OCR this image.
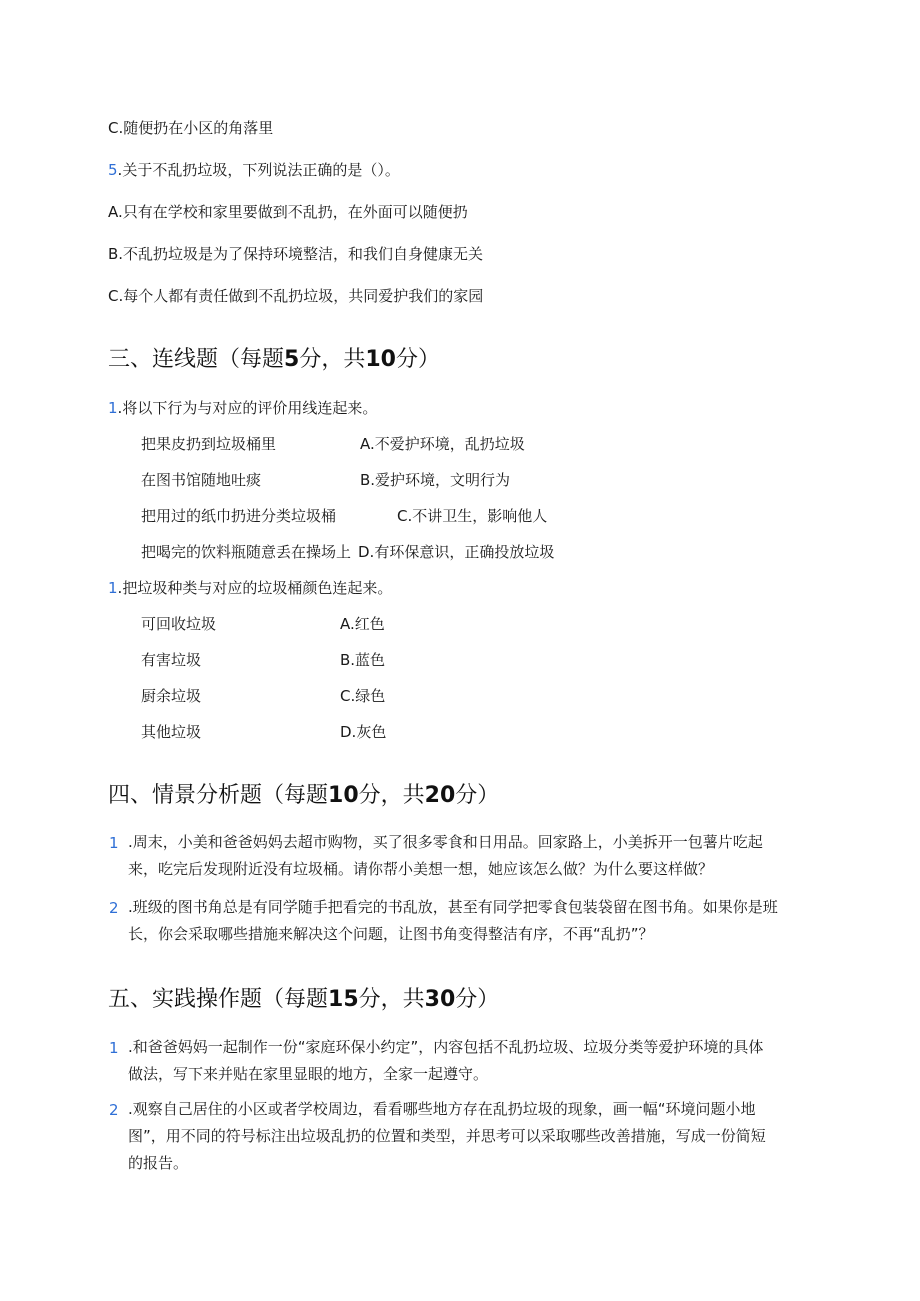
C.随便扔在小区的角落里
5.关于不乱扔垃圾，下列说法正确的是（）。
A.只有在学校和家里要做到不乱扔，在外面可以随便扔
B.不乱扔垃圾是为了保持环境整洁，和我们自身健康无关
C.每个人都有责任做到不乱扔垃圾，共同爱护我们的家园
三、连线题（每题5分，共10分）
1.将以下行为与对应的评价用线连起来。
把果皮扔到垃圾桶里	A.不爱护环境，乱扔垃圾
在图书馆随地吐痰	B.爱护环境，文明行为
把用过的纸巾扔进分类垃圾桶	C.不讲卫生，影响他人
把喝完的饮料瓶随意丢在操场上 D.有环保意识，正确投放垃圾
1.把垃圾种类与对应的垃圾桶颜色连起来。
可回收垃圾	A.红色
有害垃圾	B.蓝色
厨余垃圾	C.绿色
其他垃圾	D.灰色
四、情景分析题（每题10分，共20分）
1 .周末，小美和爸爸妈妈去超市购物，买了很多零食和日用品。回家路上，小美拆开一包薯片吃起
来，吃完后发现附近没有垃圾桶。请你帮小美想一想，她应该怎么做？为什么要这样做？
2 .班级的图书角总是有同学随手把看完的书乱放，甚至有同学把零食包装袋留在图书角。如果你是班
长，你会采取哪些措施来解决这个问题，让图书角变得整洁有序，不再“乱扔”？
五、实践操作题（每题15分，共30分）
1 .和爸爸妈妈一起制作一份“家庭环保小约定”，内容包括不乱扔垃圾、垃圾分类等爱护环境的具体
做法，写下来并贴在家里显眼的地方，全家一起遵守。
2 .观察自己居住的小区或者学校周边，看看哪些地方存在乱扔垃圾的现象，画一幅“环境问题小地
图”，用不同的符号标注出垃圾乱扔的位置和类型，并思考可以采取哪些改善措施，写成一份简短
的报告。
